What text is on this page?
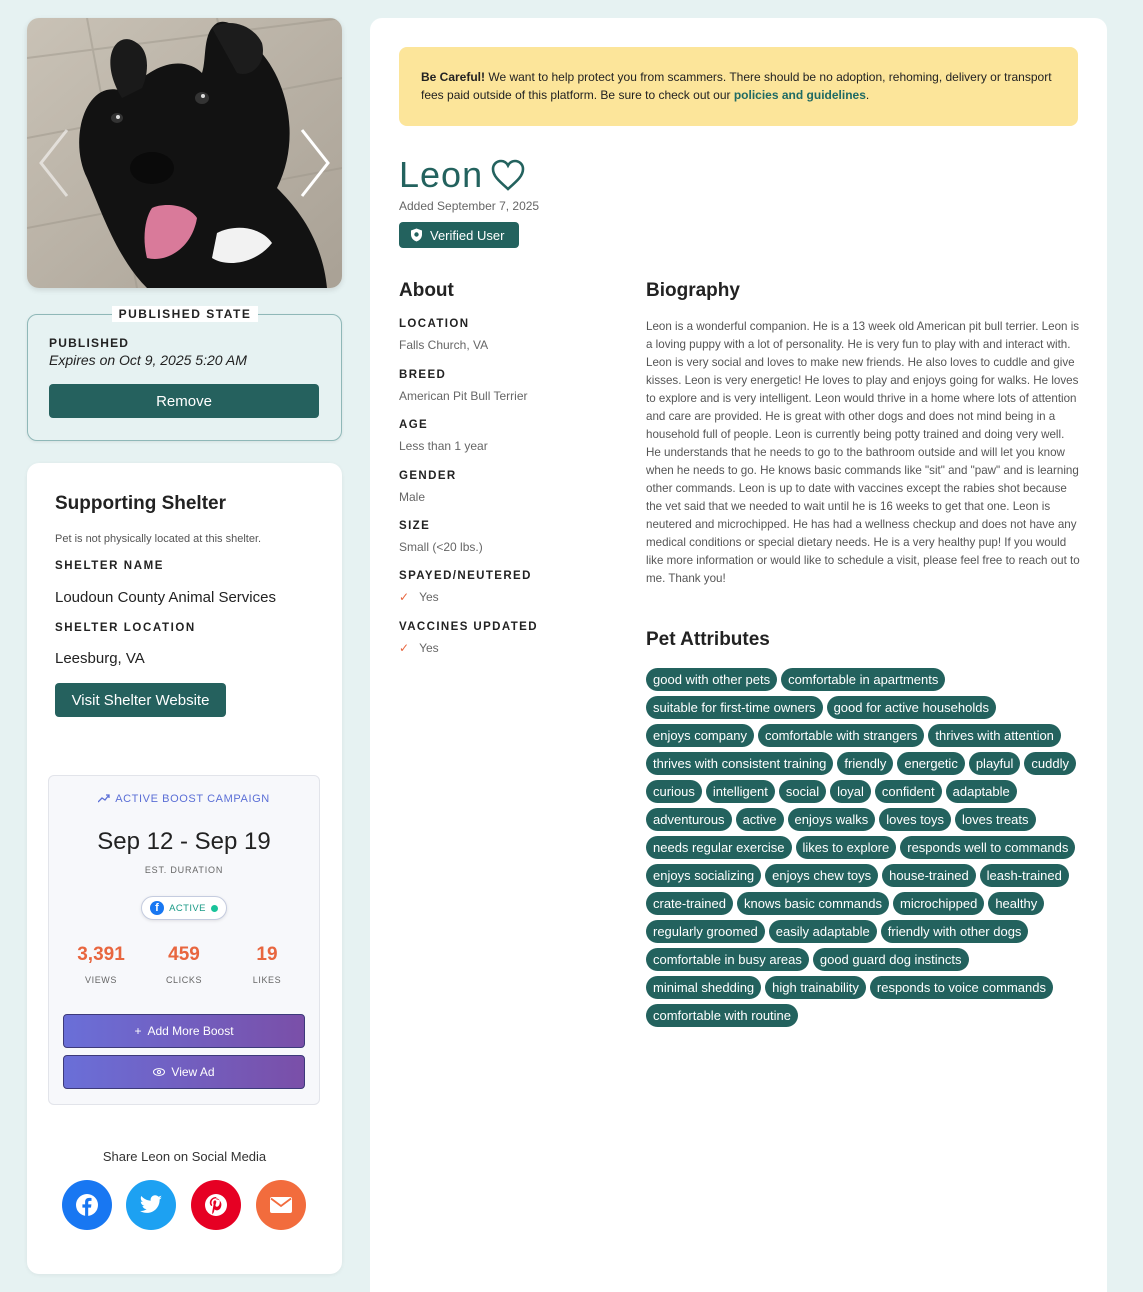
PUBLISHED STATE
PUBLISHED
Expires on Oct 9, 2025 5:20 AM
Remove
Supporting Shelter
Pet is not physically located at this shelter.
SHELTER NAME
Loudoun County Animal Services
SHELTER LOCATION
Leesburg, VA
Visit Shelter Website
ACTIVE BOOST CAMPAIGN
Sep 12 - Sep 19
EST. DURATION
f	ACTIVE
3,391
VIEWS
459
CLICKS
19
LIKES
+ Add More Boost
View Ad
Share Leon on Social Media
Be Careful! We want to help protect you from scammers. There should be no adoption, rehoming, delivery or transport fees paid outside of this platform. Be sure to check out our policies and guidelines.
Leon
Added September 7, 2025
Verified User
About
LOCATION
Falls Church, VA
BREED
American Pit Bull Terrier
AGE
Less than 1 year
GENDER
Male
SIZE
Small (<20 lbs.)
SPAYED/NEUTERED
✓ Yes
VACCINES UPDATED
✓ Yes
Biography
Leon is a wonderful companion. He is a 13 week old American pit bull terrier. Leon is a loving puppy with a lot of personality. He is very fun to play with and interact with. Leon is very social and loves to make new friends. He also loves to cuddle and give kisses. Leon is very energetic! He loves to play and enjoys going for walks. He loves to explore and is very intelligent. Leon would thrive in a home where lots of attention and care are provided. He is great with other dogs and does not mind being in a household full of people. Leon is currently being potty trained and doing very well. He understands that he needs to go to the bathroom outside and will let you know when he needs to go. He knows basic commands like "sit" and "paw" and is learning other commands. Leon is up to date with vaccines except the rabies shot because the vet said that we needed to wait until he is 16 weeks to get that one. Leon is neutered and microchipped. He has had a wellness checkup and does not have any medical conditions or special dietary needs. He is a very healthy pup! If you would like more information or would like to schedule a visit, please feel free to reach out to me. Thank you!
Pet Attributes
good with other pets	comfortable in apartments
suitable for first-time owners	good for active households
enjoys company	comfortable with strangers	thrives with attention
thrives with consistent training	friendly	energetic	playful	cuddly
curious	intelligent	social	loyal	confident	adaptable
adventurous	active	enjoys walks	loves toys	loves treats
needs regular exercise	likes to explore	responds well to commands
enjoys socializing	enjoys chew toys	house-trained	leash-trained
crate-trained	knows basic commands	microchipped	healthy
regularly groomed	easily adaptable	friendly with other dogs
comfortable in busy areas	good guard dog instincts
minimal shedding	high trainability	responds to voice commands
comfortable with routine
